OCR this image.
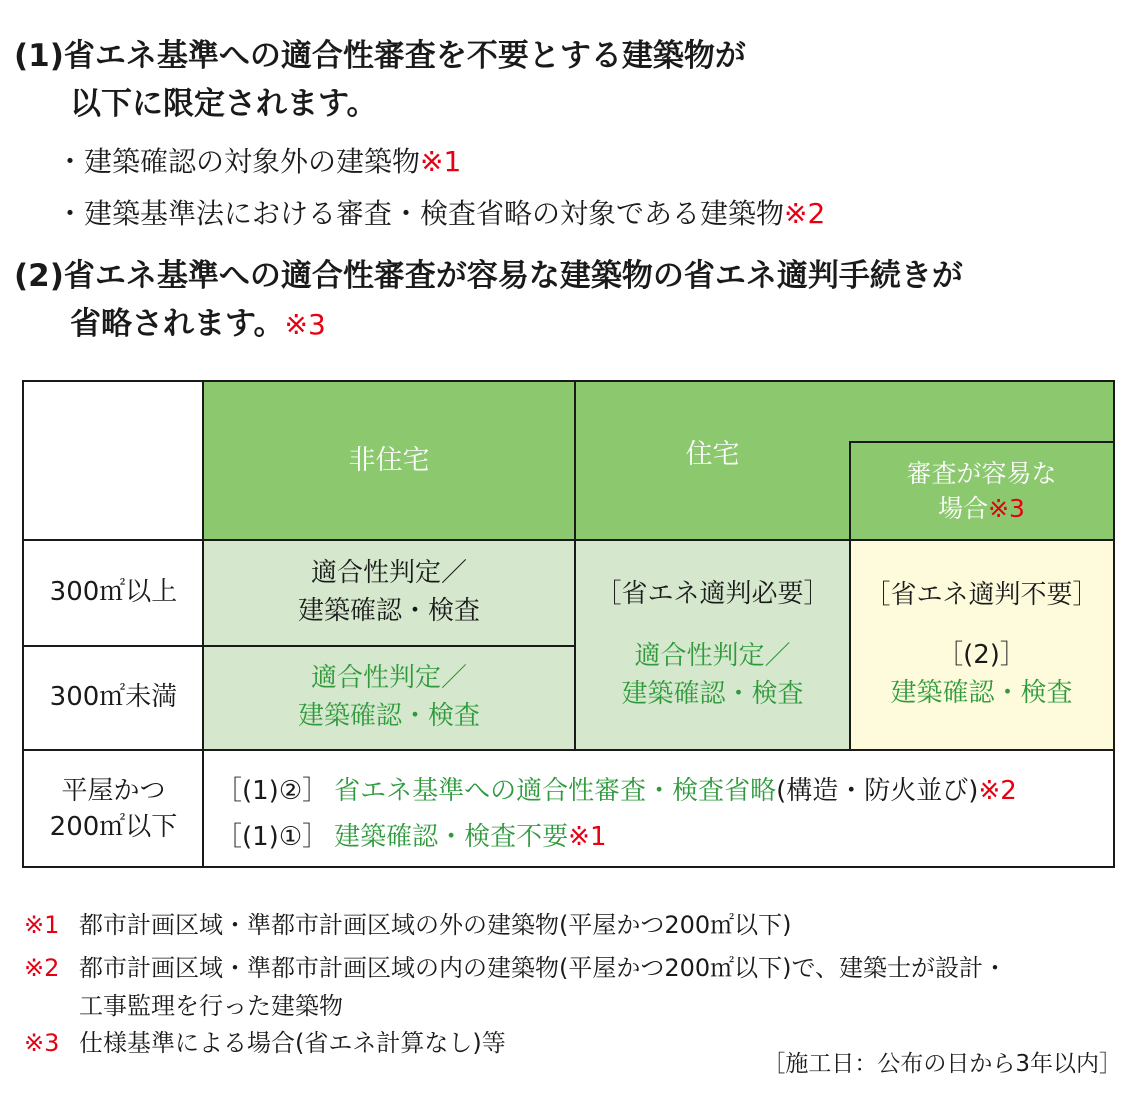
(1)省エネ基準への適合性審査を不要とする建築物が
以下に限定されます。
・建築確認の対象外の建築物※1
・建築基準法における審査・検査省略の対象である建築物※2
(2)省エネ基準への適合性審査が容易な建築物の省エネ適判手続きが
省略されます。※3
非住宅	住宅
審査が容易な
場合※3
300㎡以上
300㎡未満
平屋かつ
200㎡以下
適合性判定／
建築確認・検査
適合性判定／
建築確認・検査
［省エネ適判必要］
適合性判定／
建築確認・検査
［省エネ適判不要］
［(2)］
建築確認・検査
［(1)②］ 省エネ基準への適合性審査・検査省略(構造・防火並び)※2
［(1)①］ 建築確認・検査不要※1
※1 都市計画区域・準都市計画区域の外の建築物(平屋かつ200㎡以下)
※2 都市計画区域・準都市計画区域の内の建築物(平屋かつ200㎡以下)で、建築士が設計・
工事監理を行った建築物
※3 仕様基準による場合(省エネ計算なし)等
［施工日：公布の日から3年以内］
